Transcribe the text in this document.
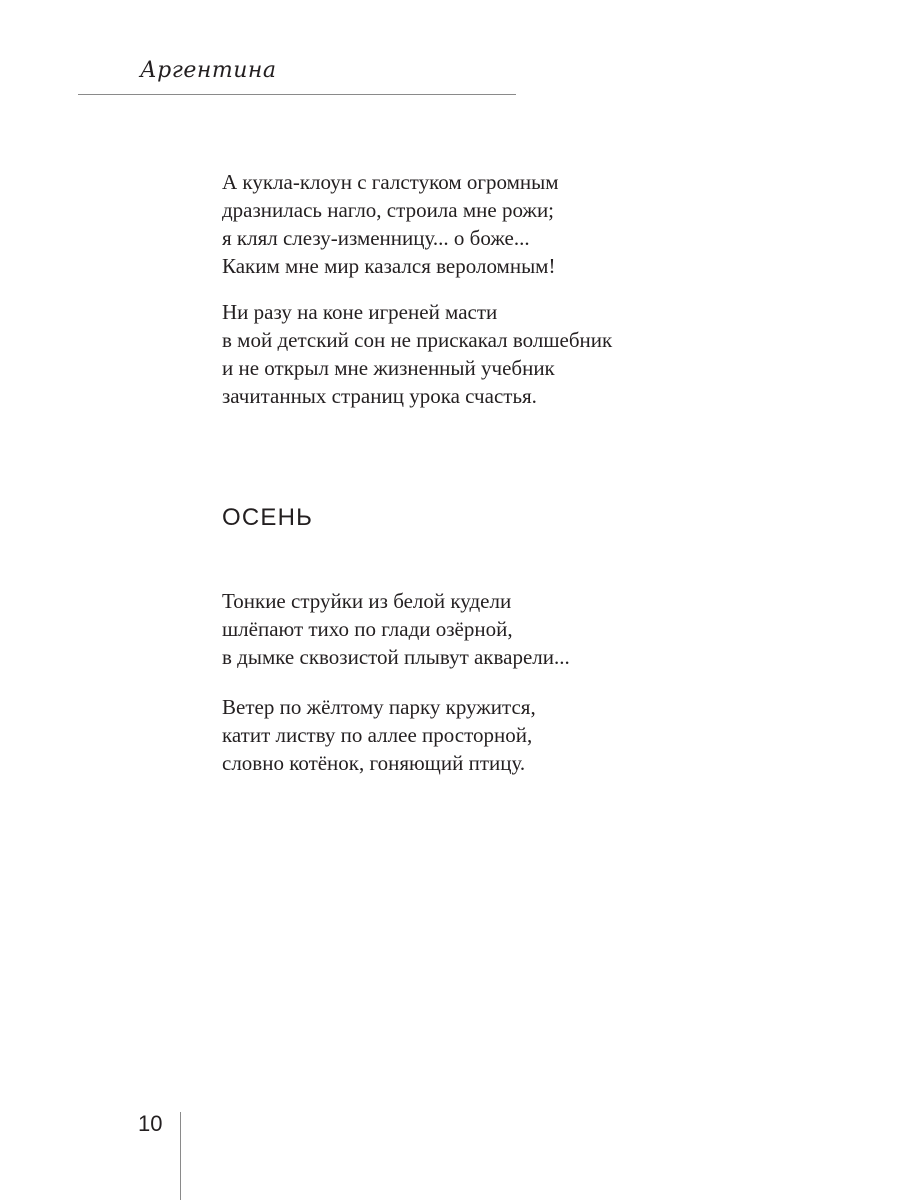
Аргентина
А кукла-клоун с галстуком огромным
дразнилась нагло, строила мне рожи;
я клял слезу-изменницу... о боже...
Каким мне мир казался вероломным!
Ни разу на коне игреней масти
в мой детский сон не прискакал волшебник
и не открыл мне жизненный учебник
зачитанных страниц урока счастья.
ОСЕНЬ
Тонкие струйки из белой кудели
шлёпают тихо по глади озёрной,
в дымке сквозистой плывут акварели...
Ветер по жёлтому парку кружится,
катит листву по аллее просторной,
словно котёнок, гоняющий птицу.
10
